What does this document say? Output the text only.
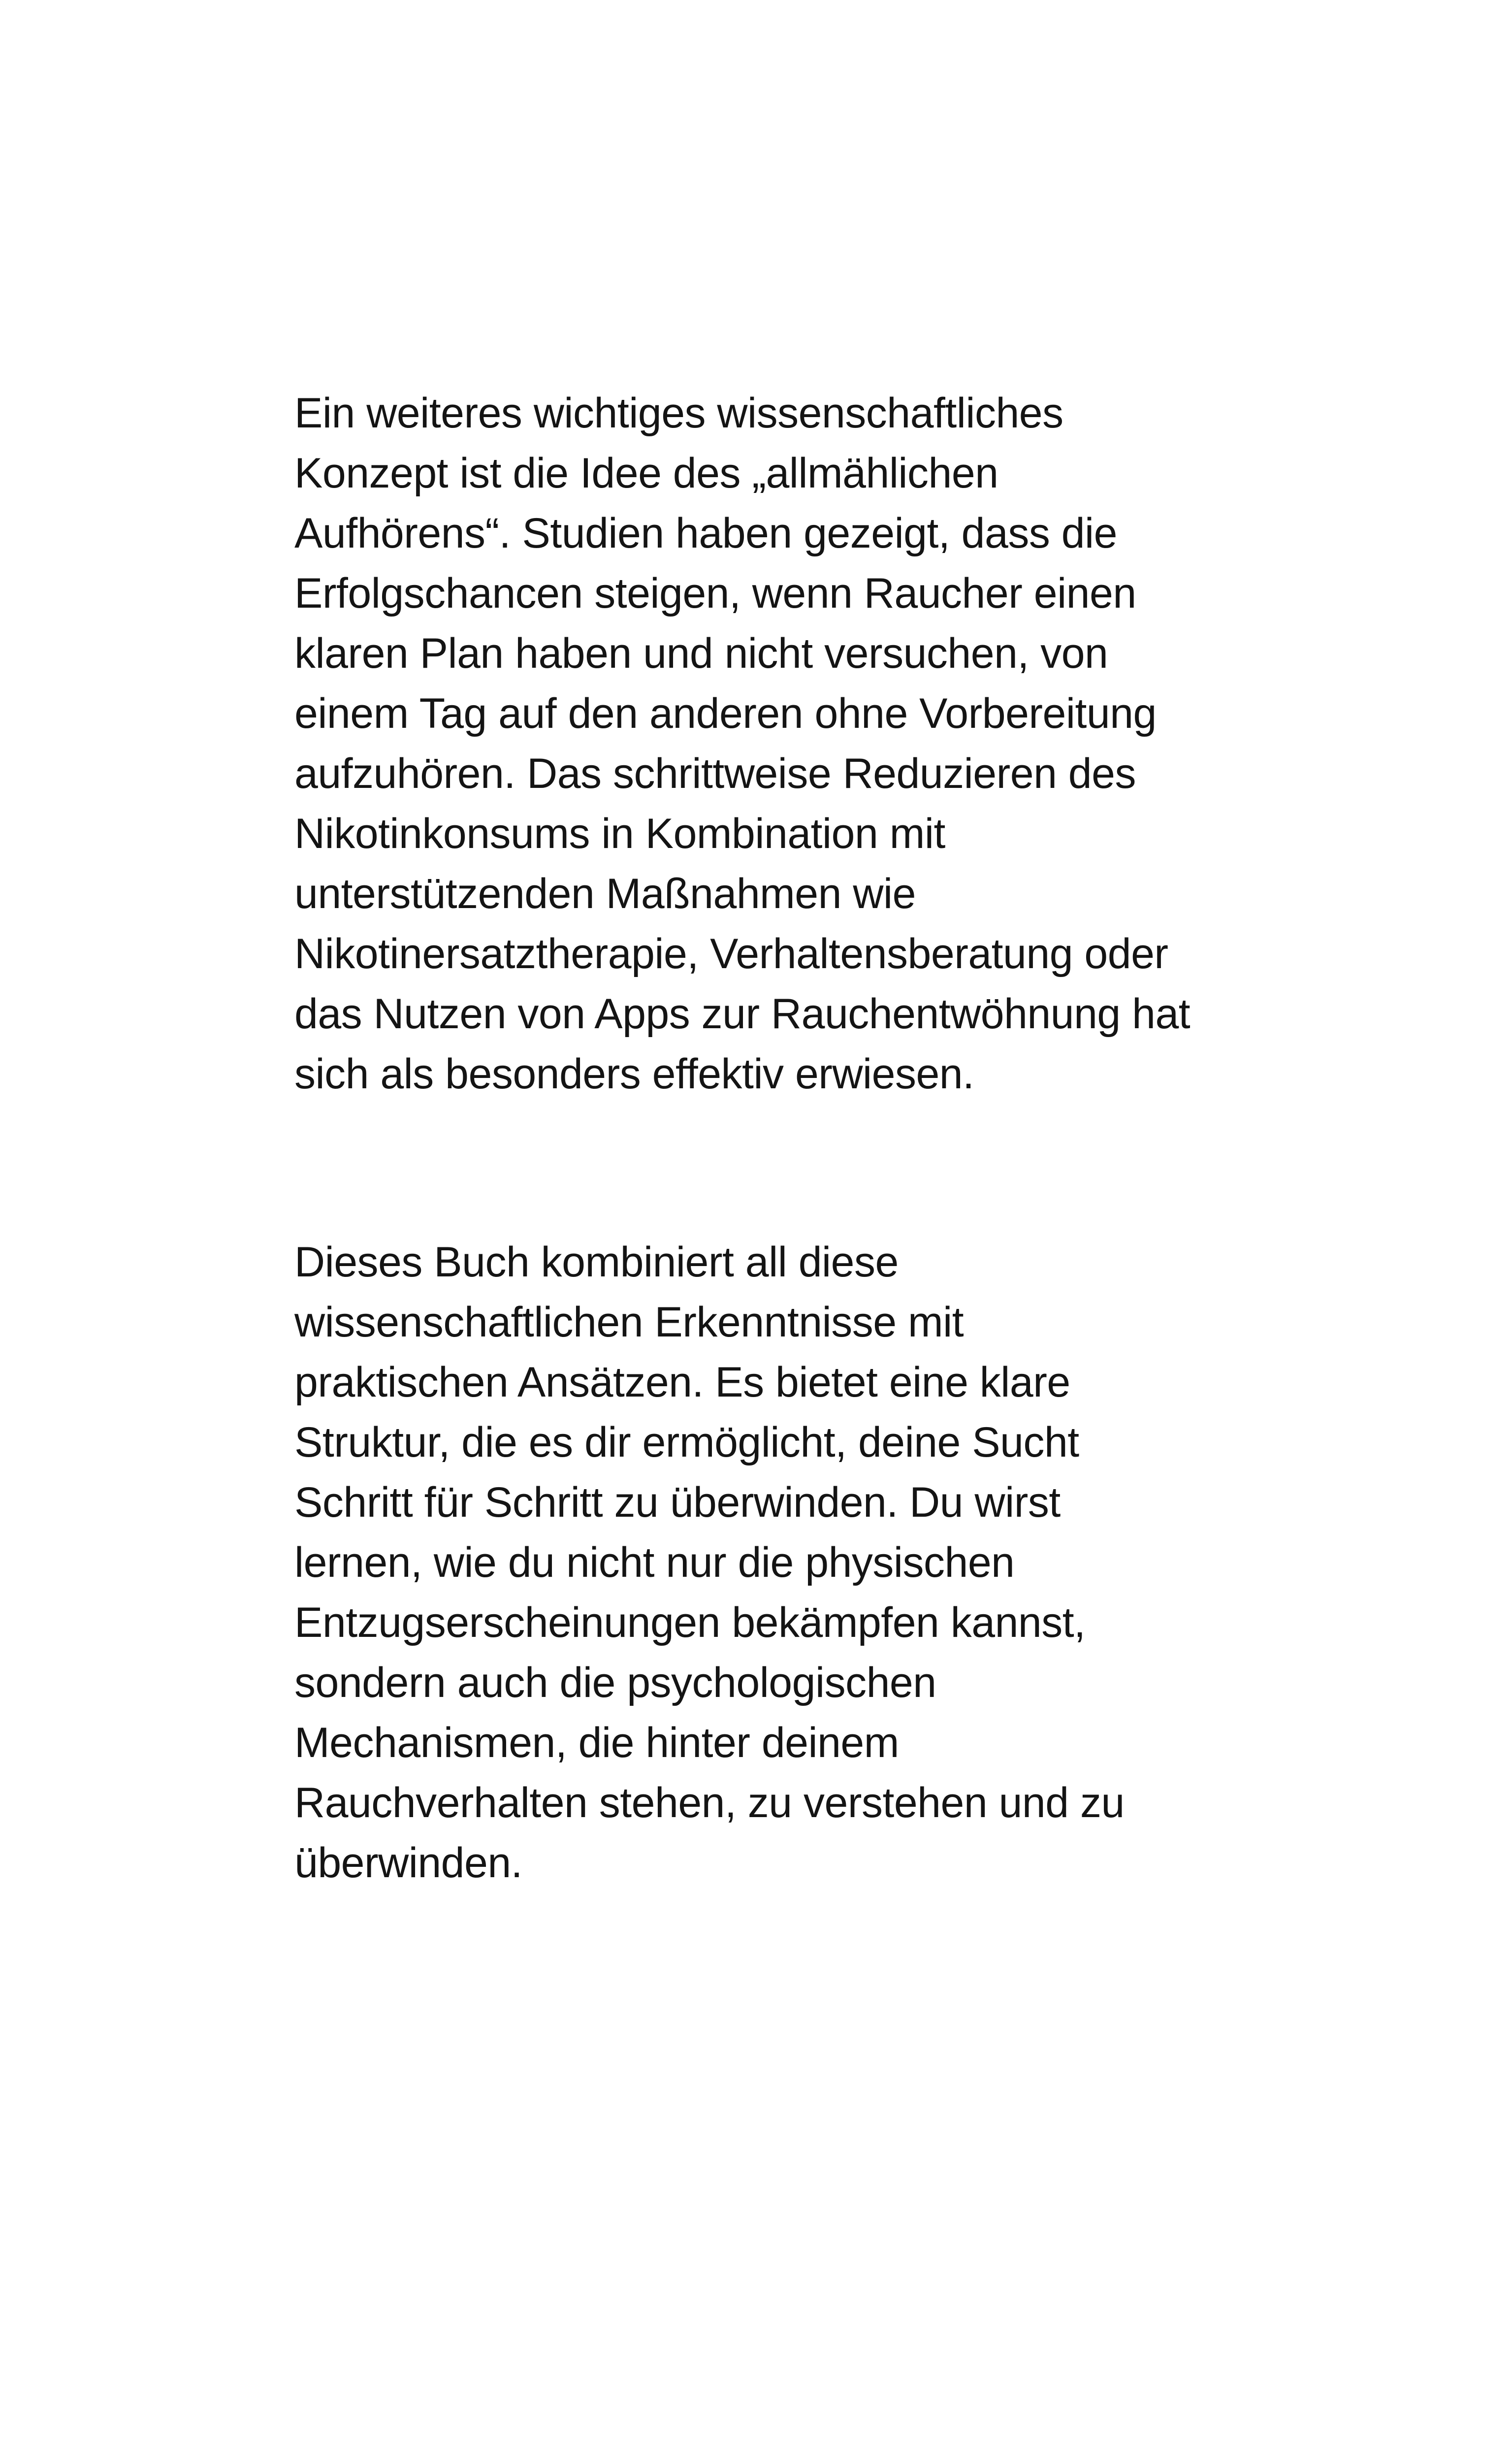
Ein weiteres wichtiges wissenschaftliches
Konzept ist die Idee des „allmählichen
Aufhörens“. Studien haben gezeigt, dass die
Erfolgschancen steigen, wenn Raucher einen
klaren Plan haben und nicht versuchen, von
einem Tag auf den anderen ohne Vorbereitung
aufzuhören. Das schrittweise Reduzieren des
Nikotinkonsums in Kombination mit
unterstützenden Maßnahmen wie
Nikotinersatztherapie, Verhaltensberatung oder
das Nutzen von Apps zur Rauchentwöhnung hat
sich als besonders effektiv erwiesen.

Dieses Buch kombiniert all diese
wissenschaftlichen Erkenntnisse mit
praktischen Ansätzen. Es bietet eine klare
Struktur, die es dir ermöglicht, deine Sucht
Schritt für Schritt zu überwinden. Du wirst
lernen, wie du nicht nur die physischen
Entzugserscheinungen bekämpfen kannst,
sondern auch die psychologischen
Mechanismen, die hinter deinem
Rauchverhalten stehen, zu verstehen und zu
überwinden.
